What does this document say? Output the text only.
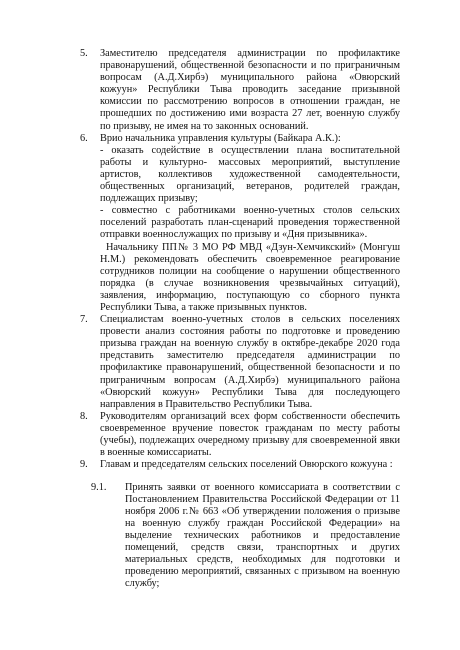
5. Заместителю председателя администрации по профилактике правонарушений, общественной безопасности и по приграничным вопросам (А.Д.Хирбэ) муниципального района «Овюрский кожуун» Республики Тыва проводить заседание призывной комиссии по рассмотрению вопросов в отношении граждан, не прошедших по достижению ими возраста 27 лет, военную службу по призыву, не имея на то законных оснований.

6. Врио начальника управления культуры (Байкара А.К.):

- оказать содействие в осуществлении плана воспитательной работы и культурно- массовых мероприятий, выступление артистов, коллективов художественной самодеятельности, общественных организаций, ветеранов, родителей граждан, подлежащих призыву;

- совместно с работниками военно-учетных столов сельских поселений разработать план-сценарий проведения торжественной отправки военнослужащих по призыву и «Дня призывника».

Начальнику ПП№ 3 МО РФ МВД «Дзун-Хемчикский» (Монгуш Н.М.) рекомендовать обеспечить своевременное реагирование сотрудников полиции на сообщение о нарушении общественного порядка (в случае возникновения чрезвычайных ситуаций), заявления, информацию, поступающую со сборного пункта Республики Тыва, а также призывных пунктов.

7. Специалистам военно-учетных столов в сельских поселениях провести анализ состояния работы по подготовке и проведению призыва граждан на военную службу в октябре-декабре 2020 года представить заместителю председателя администрации по профилактике правонарушений, общественной безопасности и по приграничным вопросам (А.Д.Хирбэ) муниципального района «Овюрский кожуун» Республики Тыва для последующего направления в Правительство Республики Тыва.

8. Руководителям организаций всех форм собственности обеспечить своевременное вручение повесток гражданам по месту работы (учебы), подлежащих очередному призыву для своевременной явки в военные комиссариаты.

9. Главам и председателям сельских поселений Овюрского кожууна :

9.1. Принять заявки от военного комиссариата в соответствии с Постановлением Правительства Российской Федерации от 11 ноября 2006 г.№ 663 «Об утверждении положения о призыве на военную службу граждан Российской Федерации» на выделение технических работников и предоставление помещений, средств связи, транспортных и других материальных средств, необходимых для подготовки и проведению мероприятий, связанных с призывом на военную службу;
